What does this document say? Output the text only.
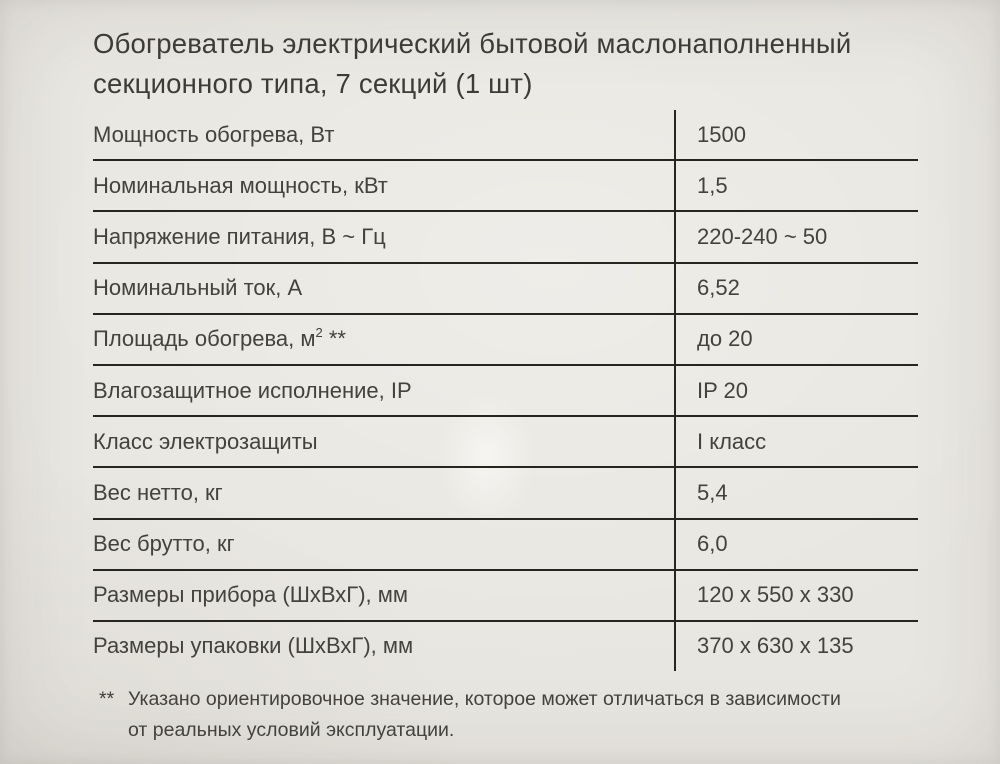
Обогреватель электрический бытовой маслонаполненный
секционного типа, 7 секций (1 шт)
Мощность обогрева, Вт	1500
Номинальная мощность, кВт	1,5
Напряжение питания, В ~ Гц	220-240 ~ 50
Номинальный ток, А	6,52
Площадь обогрева, м 2 **	до 20
Влагозащитное исполнение, IP	IP 20
Класс электрозащиты	I класс
Вес нетто, кг	5,4
Вес брутто, кг	6,0
Размеры прибора (ШхВхГ), мм	120 х 550 х 330
Размеры упаковки (ШхВхГ), мм	370 х 630 х 135
** Указано ориентировочное значение, которое может отличаться в зависимости
от реальных условий эксплуатации.
